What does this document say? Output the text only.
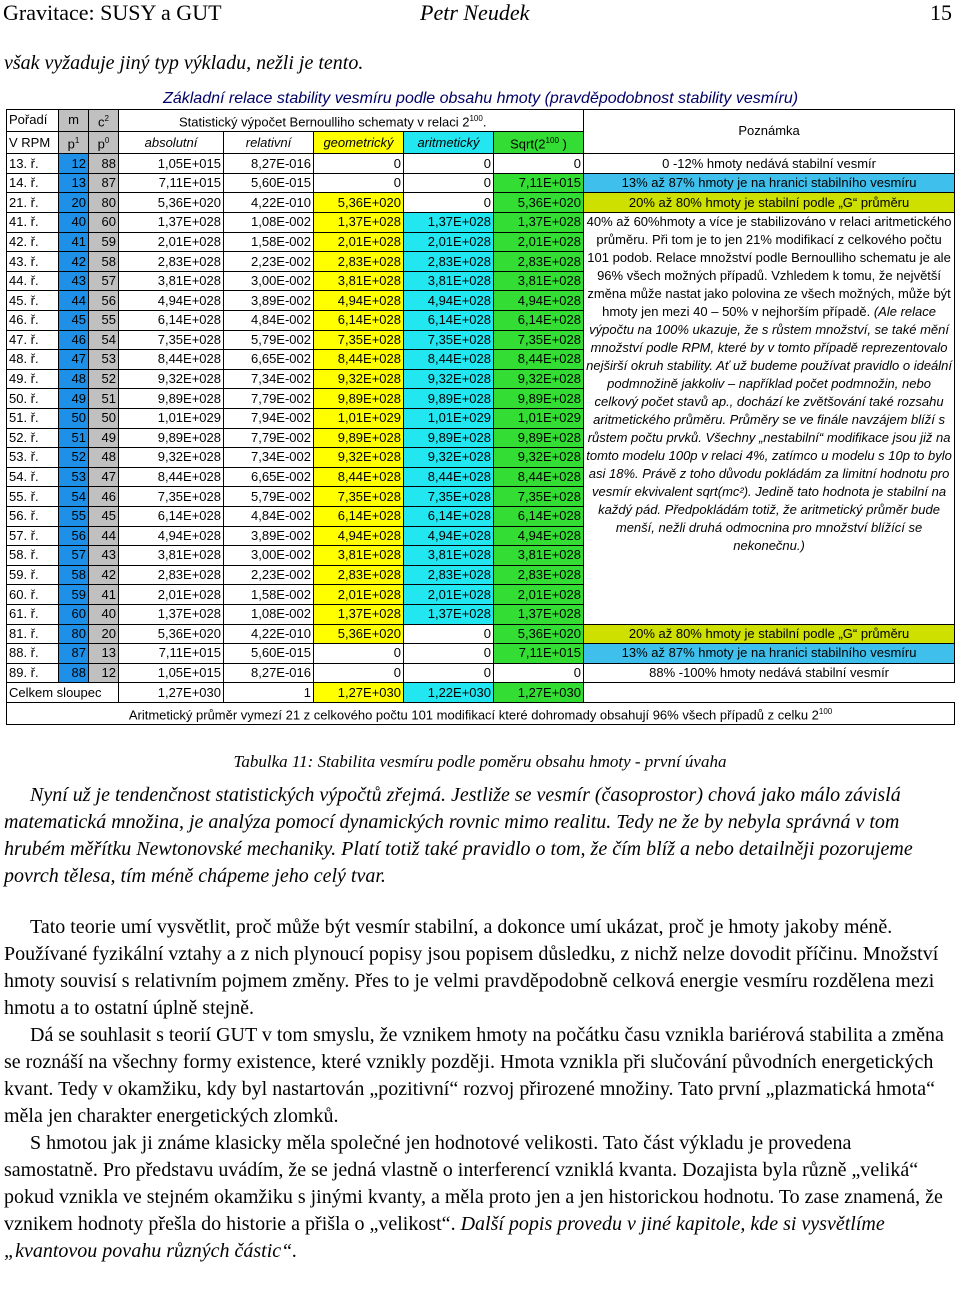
Gravitace: SUSY a GUT	Petr Neudek	15
však vyžaduje jiný typ výkladu, nežli je tento.
Základní relace stability vesmíru podle obsahu hmoty (pravděpodobnost stability vesmíru)								
Pořadí	m	$c^2$	Statistický výpočet Bernoulliho schematy v relaci $2^{100}$.					Poznámka
V RPM	$p^1$	$p^0$	absolutní	relativní	geometrický	aritmetický	$Sqrt(2^{100}$ )	
13. ř.	12	88	1,05E+015	8,27E-016	0	0	0	0 -12% hmoty nedává stabilní vesmír
14. ř.	13	87	7,11E+015	5,60E-015	0	0	7,11E+015	13% až 87% hmoty je na hranici stabilního vesmíru
21. ř.	20	80	5,36E+020	4,22E-010	5,36E+020	0	5,36E+020	20% až 80% hmoty je stabilní podle „G“ průměru
41. ř.	40	60	1,37E+028	1,08E-002	1,37E+028	1,37E+028	1,37E+028	40% až 60%hmoty a více je stabilizováno v relaci aritmetického průměru. Při tom je to jen 21% modifikací z celkového počtu 101 podob. Relace množství podle Bernoulliho schematu je ale 96% všech možných případů. Vzhledem k tomu, že největší změna může nastat jako polovina ze všech možných, může být hmoty jen mezi 40 – 50% v nejhorším případě. (Ale relace výpočtu na 100% ukazuje, že s růstem množství, se také mění množství podle RPM, které by v tomto případě reprezentovalo nejširší okruh stability. Ať už budeme používat pravidlo o ideální podmnožině jakkoliv – například počet podmnožin, nebo celkový počet stavů ap., dochází ke zvětšování také rozsahu aritmetického průměru. Průměry se ve finále navzájem blíží s růstem počtu prvků. Všechny „nestabilní“ modifikace jsou již na tomto modelu 100p v relaci 4%, zatímco u modelu s 10p to bylo asi 18%. Právě z toho důvodu pokládám za limitní hodnotu pro vesmír ekvivalent sqrt(mc²). Jedině tato hodnota je stabilní na každý pád. Předpokládám totiž, že aritmetický průměr bude menší, nežli druhá odmocnina pro množství blížící se nekonečnu.)
42. ř.	41	59	2,01E+028	1,58E-002	2,01E+028	2,01E+028	2,01E+028	
43. ř.	42	58	2,83E+028	2,23E-002	2,83E+028	2,83E+028	2,83E+028	
44. ř.	43	57	3,81E+028	3,00E-002	3,81E+028	3,81E+028	3,81E+028	
45. ř.	44	56	4,94E+028	3,89E-002	4,94E+028	4,94E+028	4,94E+028	
46. ř.	45	55	6,14E+028	4,84E-002	6,14E+028	6,14E+028	6,14E+028	
47. ř.	46	54	7,35E+028	5,79E-002	7,35E+028	7,35E+028	7,35E+028	
48. ř.	47	53	8,44E+028	6,65E-002	8,44E+028	8,44E+028	8,44E+028	
49. ř.	48	52	9,32E+028	7,34E-002	9,32E+028	9,32E+028	9,32E+028	
50. ř.	49	51	9,89E+028	7,79E-002	9,89E+028	9,89E+028	9,89E+028	
51. ř.	50	50	1,01E+029	7,94E-002	1,01E+029	1,01E+029	1,01E+029	
52. ř.	51	49	9,89E+028	7,79E-002	9,89E+028	9,89E+028	9,89E+028	
53. ř.	52	48	9,32E+028	7,34E-002	9,32E+028	9,32E+028	9,32E+028	
54. ř.	53	47	8,44E+028	6,65E-002	8,44E+028	8,44E+028	8,44E+028	
55. ř.	54	46	7,35E+028	5,79E-002	7,35E+028	7,35E+028	7,35E+028	
56. ř.	55	45	6,14E+028	4,84E-002	6,14E+028	6,14E+028	6,14E+028	
57. ř.	56	44	4,94E+028	3,89E-002	4,94E+028	4,94E+028	4,94E+028	
58. ř.	57	43	3,81E+028	3,00E-002	3,81E+028	3,81E+028	3,81E+028	
59. ř.	58	42	2,83E+028	2,23E-002	2,83E+028	2,83E+028	2,83E+028	
60. ř.	59	41	2,01E+028	1,58E-002	2,01E+028	2,01E+028	2,01E+028	
61. ř.	60	40	1,37E+028	1,08E-002	1,37E+028	1,37E+028	1,37E+028	
81. ř.	80	20	5,36E+020	4,22E-010	5,36E+020	0	5,36E+020	20% až 80% hmoty je stabilní podle „G“ průměru
88. ř.	87	13	7,11E+015	5,60E-015	0	0	7,11E+015	13% až 87% hmoty je na hranici stabilního vesmíru
89. ř.	88	12	1,05E+015	8,27E-016	0	0	0	88% -100% hmoty nedává stabilní vesmír
Celkem sloupec			1,27E+030	1	1,27E+030	1,22E+030	1,27E+030	
Aritmetický průměr vymezí 21 z celkového počtu 101 modifikací které dohromady obsahují 96% všech případů z celku $2^{100}$
Tabulka 11: Stabilita vesmíru podle poměru obsahu hmoty - první úvaha

Nyní už je tendenčnost statistických výpočtů zřejmá. Jestliže se vesmír (časoprostor) chová jako málo závislá matematická množina, je analýza pomocí dynamických rovnic mimo realitu. Tedy ne že by nebyla správná v tom hrubém měřítku Newtonovské mechaniky. Platí totiž také pravidlo o tom, že čím blíž a nebo detailněji pozorujeme povrch tělesa, tím méně chápeme jeho celý tvar.

Tato teorie umí vysvětlit, proč může být vesmír stabilní, a dokonce umí ukázat, proč je hmoty jakoby méně. Používané fyzikální vztahy a z nich plynoucí popisy jsou popisem důsledku, z nichž nelze dovodit příčinu. Množství hmoty souvisí s relativním pojmem změny. Přes to je velmi pravděpodobně celková energie vesmíru rozdělena mezi hmotu a to ostatní úplně stejně.

Dá se souhlasit s teorií GUT v tom smyslu, že vznikem hmoty na počátku času vznikla bariérová stabilita a změna se roznáší na všechny formy existence, které vznikly později. Hmota vznikla při slučování původních energetických kvant. Tedy v okamžiku, kdy byl nastartován „pozitivní“ rozvoj přirozené množiny. Tato první „plazmatická hmota“ měla jen charakter energetických zlomků.

S hmotou jak ji známe klasicky měla společné jen hodnotové velikosti. Tato část výkladu je provedena samostatně. Pro představu uvádím, že se jedná vlastně o interferencí vzniklá kvanta. Dozajista byla různě „veliká“ pokud vznikla ve stejném okamžiku s jinými kvanty, a měla proto jen a jen historickou hodnotu. To zase znamená, že vznikem hodnoty přešla do historie a přišla o „velikost“. Další popis provedu v jiné kapitole, kde si vysvětlíme „kvantovou povahu různých částic“.
